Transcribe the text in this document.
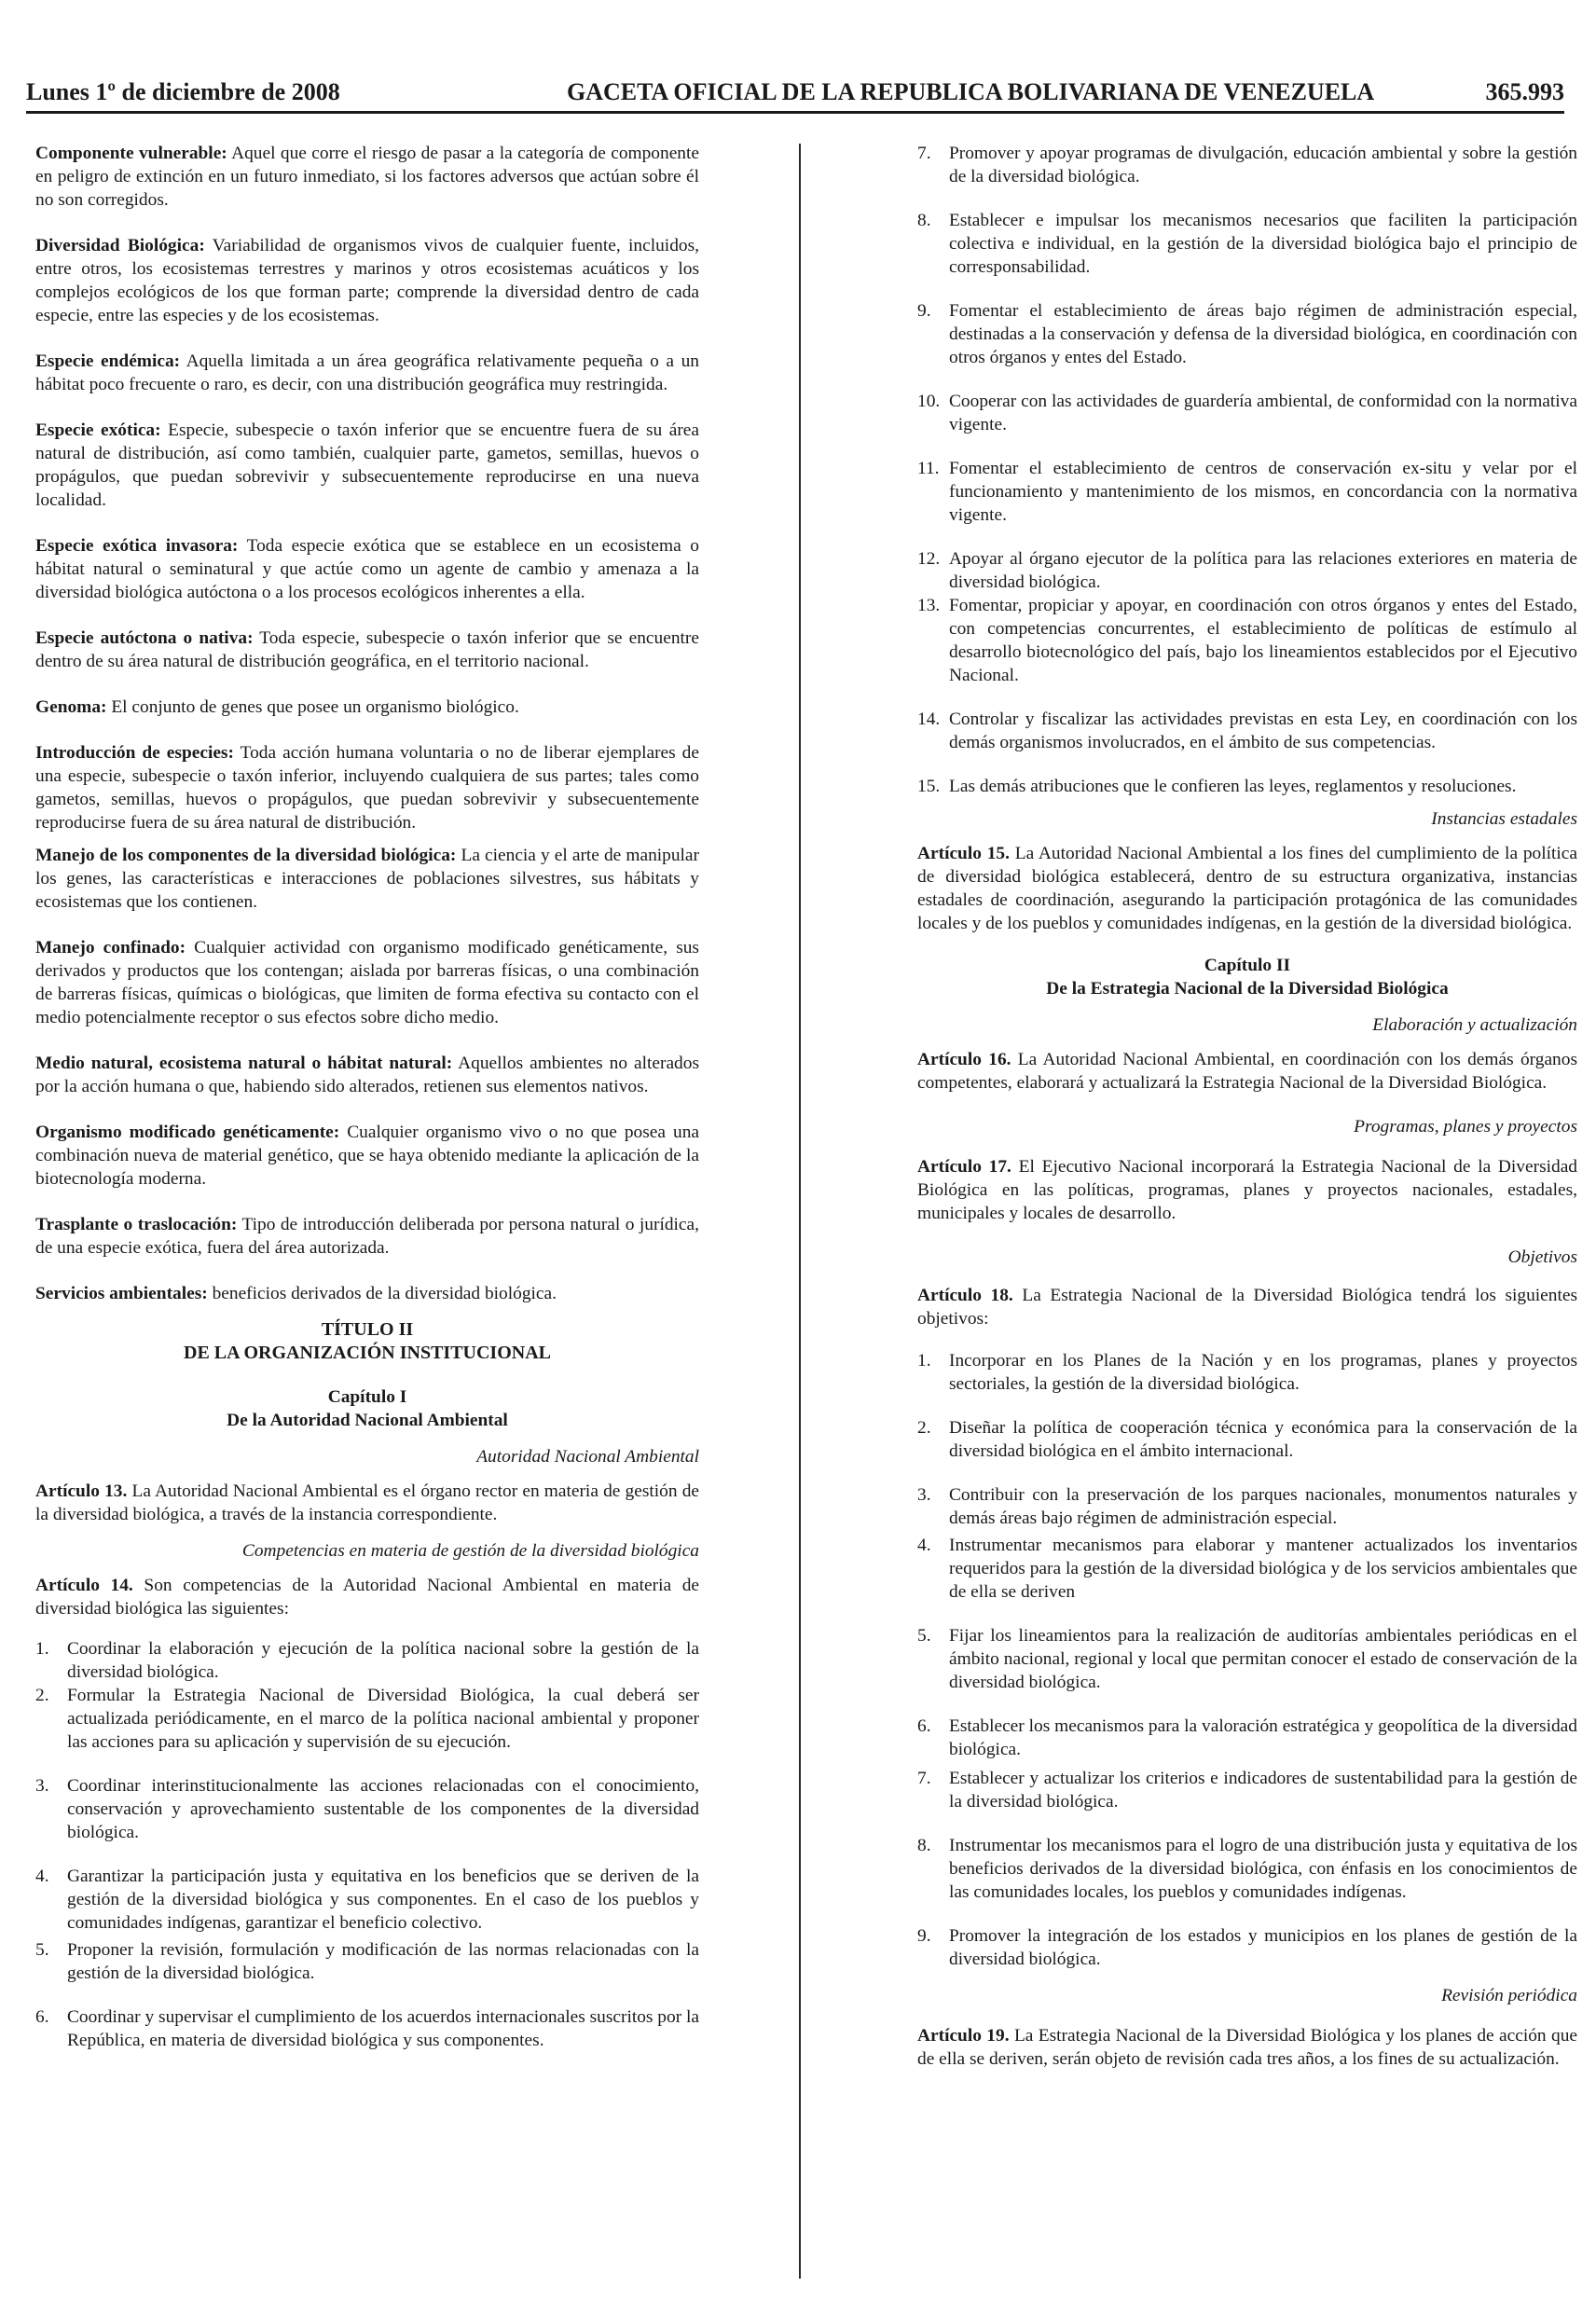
Lunes 1º de diciembre de 2008	GACETA OFICIAL DE LA REPUBLICA BOLIVARIANA DE VENEZUELA	365.993

Componente vulnerable: Aquel que corre el riesgo de pasar a la categoría de componente en peligro de extinción en un futuro inmediato, si los factores adversos que actúan sobre él no son corregidos.

Diversidad Biológica: Variabilidad de organismos vivos de cualquier fuente, incluidos, entre otros, los ecosistemas terrestres y marinos y otros ecosistemas acuáticos y los complejos ecológicos de los que forman parte; comprende la diversidad dentro de cada especie, entre las especies y de los ecosistemas.

Especie endémica: Aquella limitada a un área geográfica relativamente pequeña o a un hábitat poco frecuente o raro, es decir, con una distribución geográfica muy restringida.

Especie exótica: Especie, subespecie o taxón inferior que se encuentre fuera de su área natural de distribución, así como también, cualquier parte, gametos, semillas, huevos o propágulos, que puedan sobrevivir y subsecuentemente reproducirse en una nueva localidad.

Especie exótica invasora: Toda especie exótica que se establece en un ecosistema o hábitat natural o seminatural y que actúe como un agente de cambio y amenaza a la diversidad biológica autóctona o a los procesos ecológicos inherentes a ella.

Especie autóctona o nativa: Toda especie, subespecie o taxón inferior que se encuentre dentro de su área natural de distribución geográfica, en el territorio nacional.

Genoma: El conjunto de genes que posee un organismo biológico.

Introducción de especies: Toda acción humana voluntaria o no de liberar ejemplares de una especie, subespecie o taxón inferior, incluyendo cualquiera de sus partes; tales como gametos, semillas, huevos o propágulos, que puedan sobrevivir y subsecuentemente reproducirse fuera de su área natural de distribución.

Manejo de los componentes de la diversidad biológica: La ciencia y el arte de manipular los genes, las características e interacciones de poblaciones silvestres, sus hábitats y ecosistemas que los contienen.

Manejo confinado: Cualquier actividad con organismo modificado genéticamente, sus derivados y productos que los contengan; aislada por barreras físicas, o una combinación de barreras físicas, químicas o biológicas, que limiten de forma efectiva su contacto con el medio potencialmente receptor o sus efectos sobre dicho medio.

Medio natural, ecosistema natural o hábitat natural: Aquellos ambientes no alterados por la acción humana o que, habiendo sido alterados, retienen sus elementos nativos.

Organismo modificado genéticamente: Cualquier organismo vivo o no que posea una combinación nueva de material genético, que se haya obtenido mediante la aplicación de la biotecnología moderna.

Trasplante o traslocación: Tipo de introducción deliberada por persona natural o jurídica, de una especie exótica, fuera del área autorizada.

Servicios ambientales: beneficios derivados de la diversidad biológica.

TÍTULO II
DE LA ORGANIZACIÓN INSTITUCIONAL
Capítulo I
De la Autoridad Nacional Ambiental

Autoridad Nacional Ambiental

Artículo 13. La Autoridad Nacional Ambiental es el órgano rector en materia de gestión de la diversidad biológica, a través de la instancia correspondiente.

Competencias en materia de gestión de la diversidad biológica

Artículo 14. Son competencias de la Autoridad Nacional Ambiental en materia de diversidad biológica las siguientes:

1. Coordinar la elaboración y ejecución de la política nacional sobre la gestión de la diversidad biológica.
2. Formular la Estrategia Nacional de Diversidad Biológica, la cual deberá ser actualizada periódicamente, en el marco de la política nacional ambiental y proponer las acciones para su aplicación y supervisión de su ejecución.
3. Coordinar interinstitucionalmente las acciones relacionadas con el conocimiento, conservación y aprovechamiento sustentable de los componentes de la diversidad biológica.
4. Garantizar la participación justa y equitativa en los beneficios que se deriven de la gestión de la diversidad biológica y sus componentes. En el caso de los pueblos y comunidades indígenas, garantizar el beneficio colectivo.
5. Proponer la revisión, formulación y modificación de las normas relacionadas con la gestión de la diversidad biológica.
6. Coordinar y supervisar el cumplimiento de los acuerdos internacionales suscritos por la República, en materia de diversidad biológica y sus componentes.
7. Promover y apoyar programas de divulgación, educación ambiental y sobre la gestión de la diversidad biológica.
8. Establecer e impulsar los mecanismos necesarios que faciliten la participación colectiva e individual, en la gestión de la diversidad biológica bajo el principio de corresponsabilidad.
9. Fomentar el establecimiento de áreas bajo régimen de administración especial, destinadas a la conservación y defensa de la diversidad biológica, en coordinación con otros órganos y entes del Estado.
10. Cooperar con las actividades de guardería ambiental, de conformidad con la normativa vigente.
11. Fomentar el establecimiento de centros de conservación ex-situ y velar por el funcionamiento y mantenimiento de los mismos, en concordancia con la normativa vigente.
12. Apoyar al órgano ejecutor de la política para las relaciones exteriores en materia de diversidad biológica.
13. Fomentar, propiciar y apoyar, en coordinación con otros órganos y entes del Estado, con competencias concurrentes, el establecimiento de políticas de estímulo al desarrollo biotecnológico del país, bajo los lineamientos establecidos por el Ejecutivo Nacional.
14. Controlar y fiscalizar las actividades previstas en esta Ley, en coordinación con los demás organismos involucrados, en el ámbito de sus competencias.
15. Las demás atribuciones que le confieren las leyes, reglamentos y resoluciones.

Instancias estadales

Artículo 15. La Autoridad Nacional Ambiental a los fines del cumplimiento de la política de diversidad biológica establecerá, dentro de su estructura organizativa, instancias estadales de coordinación, asegurando la participación protagónica de las comunidades locales y de los pueblos y comunidades indígenas, en la gestión de la diversidad biológica.

Capítulo II
De la Estrategia Nacional de la Diversidad Biológica

Elaboración y actualización

Artículo 16. La Autoridad Nacional Ambiental, en coordinación con los demás órganos competentes, elaborará y actualizará la Estrategia Nacional de la Diversidad Biológica.

Programas, planes y proyectos

Artículo 17. El Ejecutivo Nacional incorporará la Estrategia Nacional de la Diversidad Biológica en las políticas, programas, planes y proyectos nacionales, estadales, municipales y locales de desarrollo.

Objetivos

Artículo 18. La Estrategia Nacional de la Diversidad Biológica tendrá los siguientes objetivos:

1. Incorporar en los Planes de la Nación y en los programas, planes y proyectos sectoriales, la gestión de la diversidad biológica.
2. Diseñar la política de cooperación técnica y económica para la conservación de la diversidad biológica en el ámbito internacional.
3. Contribuir con la preservación de los parques nacionales, monumentos naturales y demás áreas bajo régimen de administración especial.
4. Instrumentar mecanismos para elaborar y mantener actualizados los inventarios requeridos para la gestión de la diversidad biológica y de los servicios ambientales que de ella se deriven
5. Fijar los lineamientos para la realización de auditorías ambientales periódicas en el ámbito nacional, regional y local que permitan conocer el estado de conservación de la diversidad biológica.
6. Establecer los mecanismos para la valoración estratégica y geopolítica de la diversidad biológica.
7. Establecer y actualizar los criterios e indicadores de sustentabilidad para la gestión de la diversidad biológica.
8. Instrumentar los mecanismos para el logro de una distribución justa y equitativa de los beneficios derivados de la diversidad biológica, con énfasis en los conocimientos de las comunidades locales, los pueblos y comunidades indígenas.
9. Promover la integración de los estados y municipios en los planes de gestión de la diversidad biológica.

Revisión periódica

Artículo 19. La Estrategia Nacional de la Diversidad Biológica y los planes de acción que de ella se deriven, serán objeto de revisión cada tres años, a los fines de su actualización.
